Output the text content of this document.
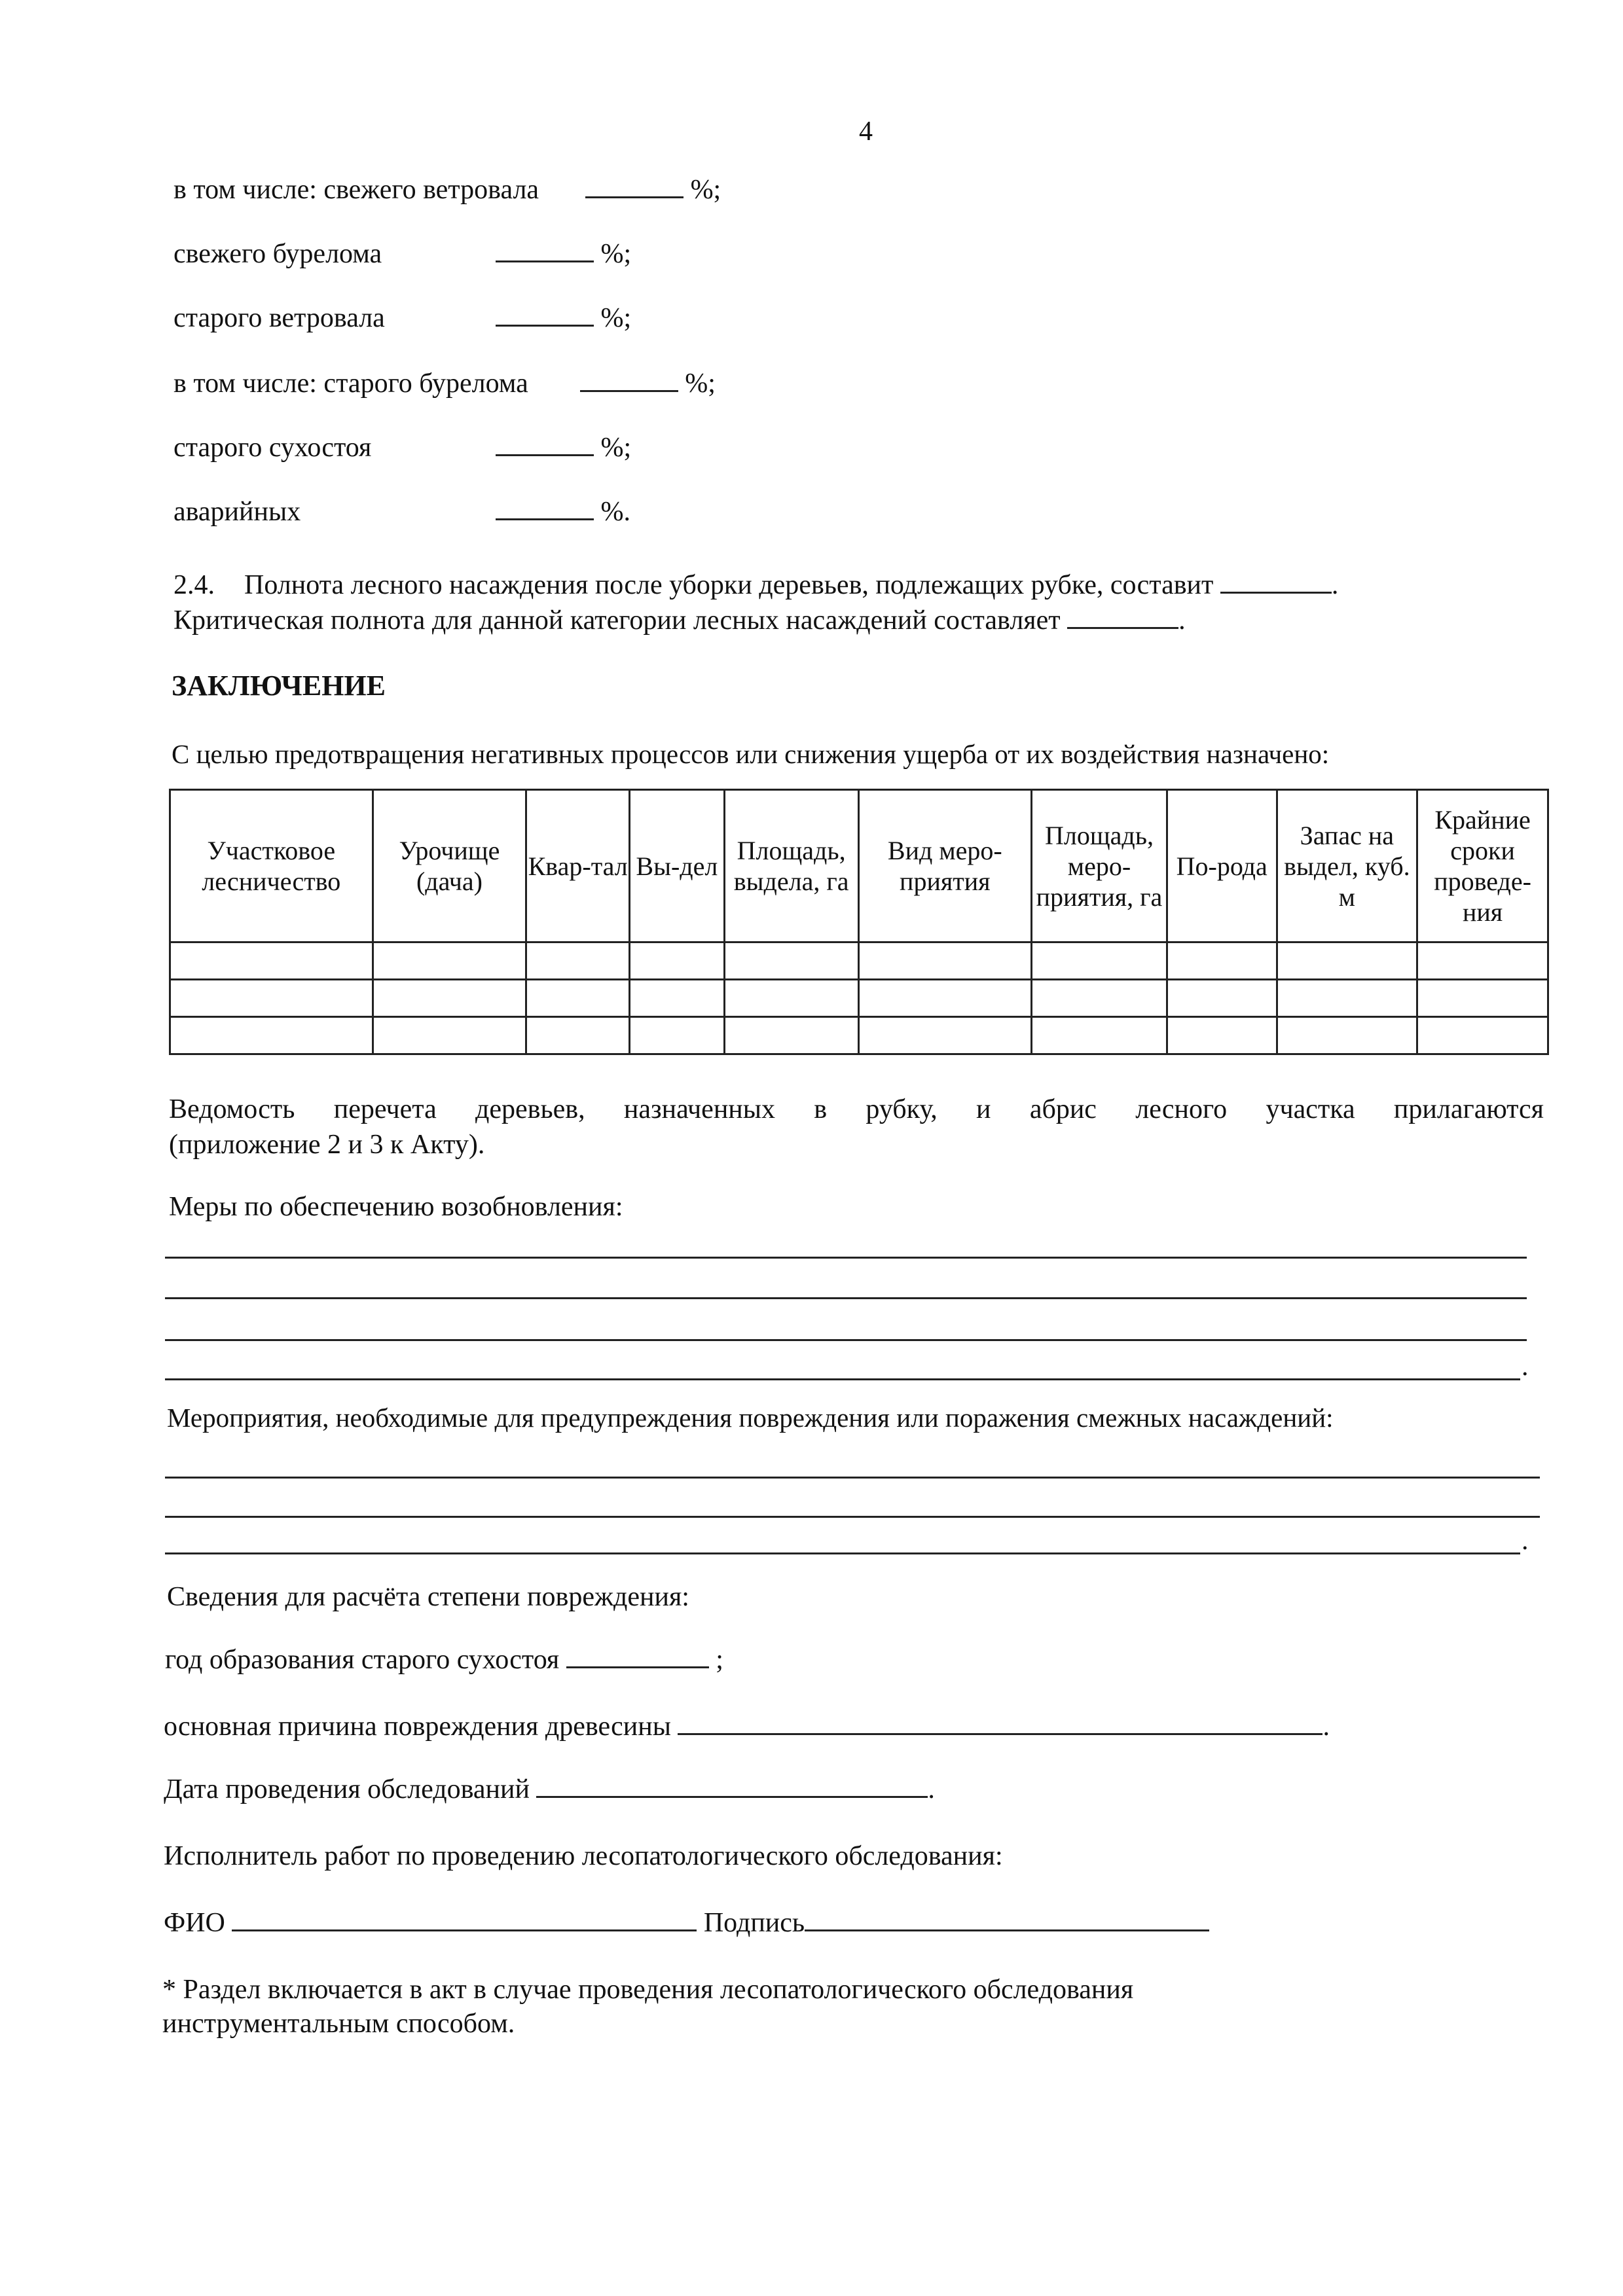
4
в том числе: свежего ветровала	%;
свежего бурелома	%;
старого ветровала	%;
в том числе: старого бурелома	%;
старого сухостоя	%;
аварийных	%.
2.4. Полнота лесного насаждения после уборки деревьев, подлежащих рубке, составит	.
Критическая полнота для данной категории лесных насаждений составляет	.
ЗАКЛЮЧЕНИЕ
С целью предотвращения негативных процессов или снижения ущерба от их воздействия назначено:
Участковое лесничество	Урочище (дача)	Квар-тал	Вы-дел	Площадь, выдела, га	Вид меро-приятия	Площадь, меро-приятия, га	По-рода	Запас на выдел, куб. м	Крайние сроки проведе-ния

Ведомость перечета деревьев, назначенных в рубку, и абрис лесного участка прилагаются
(приложение 2 и 3 к Акту).
Меры по обеспечению возобновления:
.
Мероприятия, необходимые для предупреждения повреждения или поражения смежных насаждений:
.
Сведения для расчёта степени повреждения:
год образования старого сухостоя	;
основная причина повреждения древесины	.
Дата проведения обследований	.
Исполнитель работ по проведению лесопатологического обследования:
ФИО	Подпись
* Раздел включается в акт в случае проведения лесопатологического обследования
инструментальным способом.
